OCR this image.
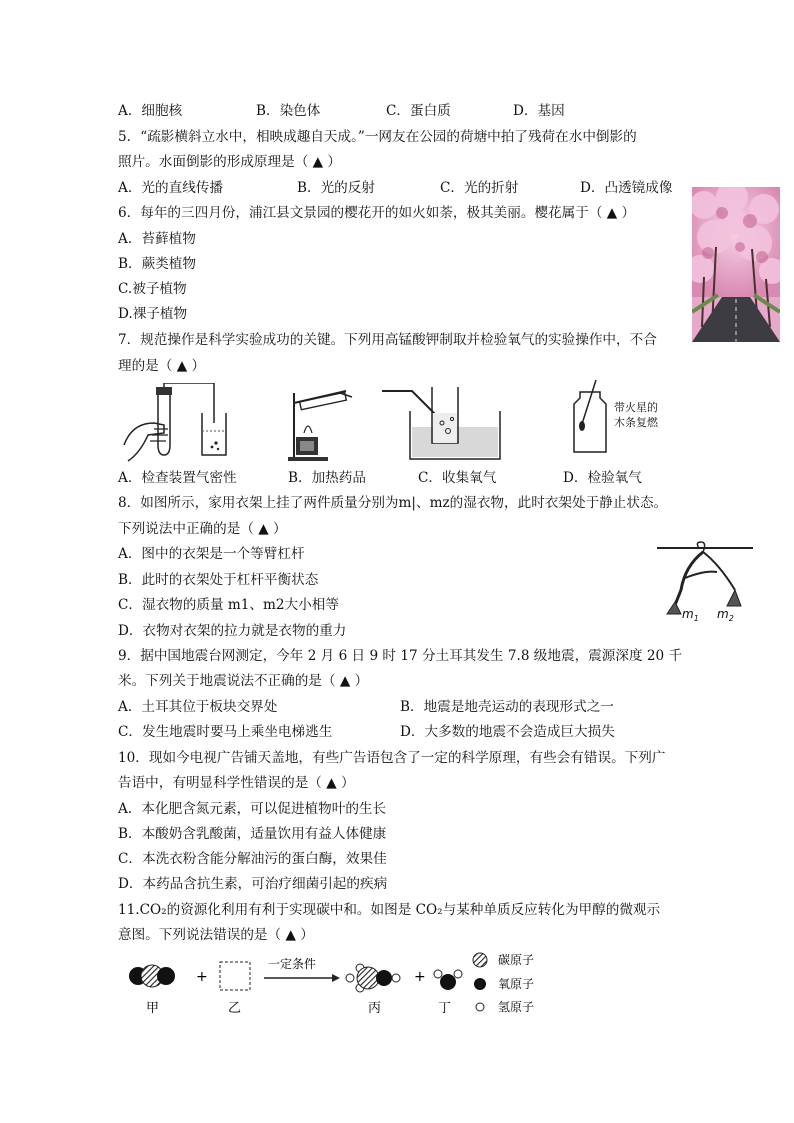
A．细胞核	B．染色体	C．蛋白质	D．基因
5．“疏影横斜立水中，相映成趣自天成。”一网友在公园的荷塘中拍了残荷在水中倒影的
照片。水面倒影的形成原理是（ ▲ ）
A．光的直线传播	B．光的反射	C．光的折射	D．凸透镜成像
6．每年的三四月份，浦江县文景园的樱花开的如火如荼，极其美丽。樱花属于（ ▲ ）
A．苔藓植物
B．蕨类植物
C.被子植物
D.裸子植物
7．规范操作是科学实验成功的关键。下列用高锰酸钾制取并检验氧气的实验操作中，不合
理的是（ ▲ ）
带火星的
木条复燃
A．检查装置气密性	B．加热药品	C．收集氧气	D．检验氧气
8．如图所示，家用衣架上挂了两件质量分别为m|、mz的湿衣物，此时衣架处于静止状态。
下列说法中正确的是（ ▲ ）
A．图中的衣架是一个等臂杠杆
B．此时的衣架处于杠杆平衡状态
C．湿衣物的质量 m1、m2大小相等
D．衣物对衣架的拉力就是衣物的重力
$m_1$ $m_2$
9．据中国地震台网测定，今年 2 月 6 日 9 时 17 分土耳其发生 7.8 级地震，震源深度 20 千
米。下列关于地震说法不正确的是（ ▲ ）
A．土耳其位于板块交界处	B．地震是地壳运动的表现形式之一
C．发生地震时要马上乘坐电梯逃生	D．大多数的地震不会造成巨大损失
10．现如今电视广告铺天盖地，有些广告语包含了一定的科学原理，有些会有错误。下列广
告语中，有明显科学性错误的是（ ▲ ）
A．本化肥含氮元素，可以促进植物叶的生长
B．本酸奶含乳酸菌，适量饮用有益人体健康
C．本洗衣粉含能分解油污的蛋白酶，效果佳
D．本药品含抗生素，可治疗细菌引起的疾病
11.CO₂的资源化利用有利于实现碳中和。如图是 CO₂与某种单质反应转化为甲醇的微观示
意图。下列说法错误的是（ ▲ ）
甲
+
乙
一定条件
丙
+
丁
碳原子
氧原子
氢原子
